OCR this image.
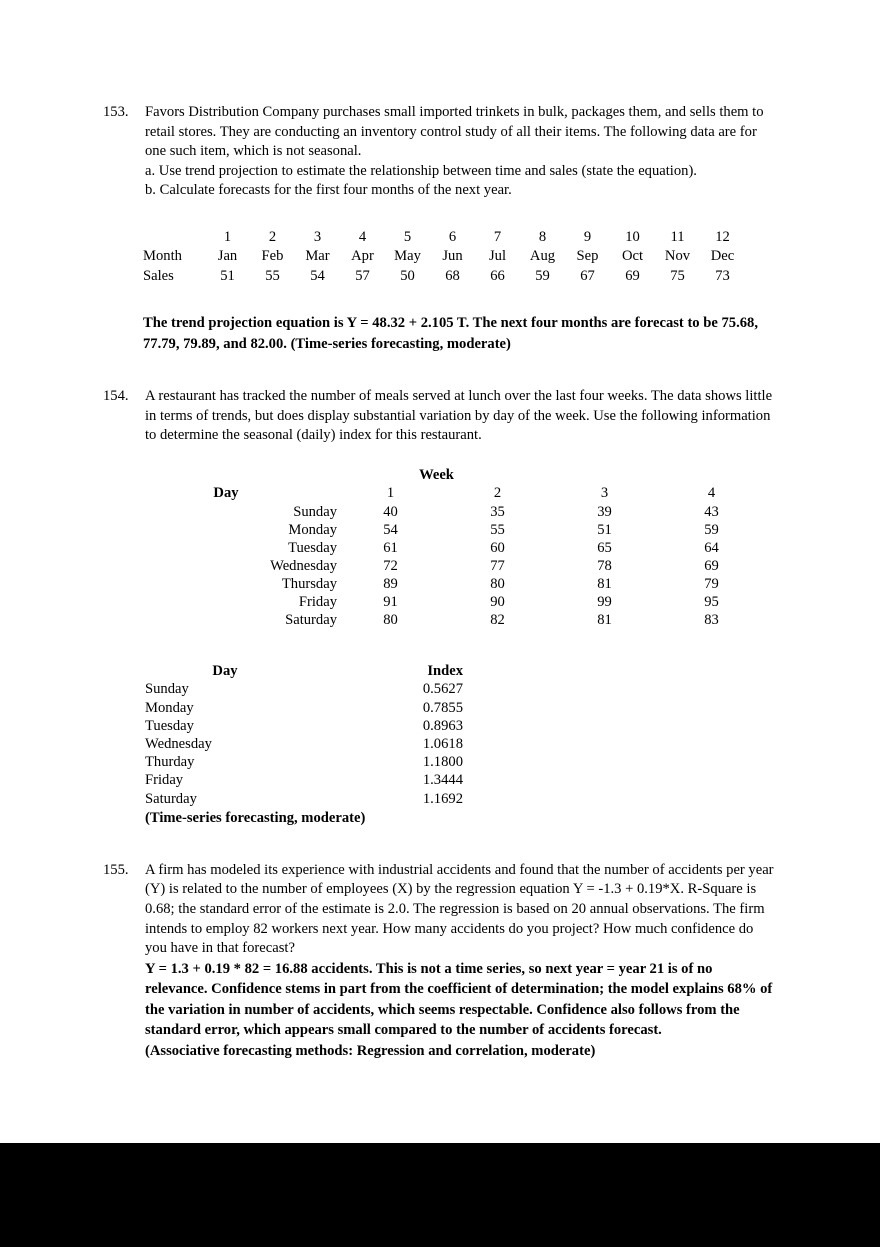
153.	Favors Distribution Company purchases small imported trinkets in bulk, packages them, and sells them to retail stores. They are conducting an inventory control study of all their items. The following data are for one such item, which is not seasonal.

a. Use trend projection to estimate the relationship between time and sales (state the equation).

b. Calculate forecasts for the first four months of the next year.

	1	2	3	4	5	6	7	8	9	10	11	12
Month	Jan	Feb	Mar	Apr	May	Jun	Jul	Aug	Sep	Oct	Nov	Dec
Sales	51	55	54	57	50	68	66	59	67	69	75	73

The trend projection equation is Y = 48.32 + 2.105 T. The next four months are forecast to be 75.68, 77.79, 79.89, and 82.00. (Time-series forecasting, moderate)

154.	A restaurant has tracked the number of meals served at lunch over the last four weeks. The data shows little in terms of trends, but does display substantial variation by day of the week. Use the following information to determine the seasonal (daily) index for this restaurant.

Week
Day	1	2	3	4
Sunday	40	35	39	43
Monday	54	55	51	59
Tuesday	61	60	65	64
Wednesday	72	77	78	69
Thursday	89	80	81	79
Friday	91	90	99	95
Saturday	80	82	81	83
Day	Index
Sunday	0.5627
Monday	0.7855
Tuesday	0.8963
Wednesday	1.0618
Thurday	1.1800
Friday	1.3444
Saturday	1.1692
(Time-series forecasting, moderate)
155.	A firm has modeled its experience with industrial accidents and found that the number of accidents per year (Y) is related to the number of employees (X) by the regression equation Y = -1.3 + 0.19*X. R-Square is 0.68; the standard error of the estimate is 2.0. The regression is based on 20 annual observations. The firm intends to employ 82 workers next year. How many accidents do you project? How much confidence do you have in that forecast?

Y = 1.3 + 0.19 * 82 = 16.88 accidents. This is not a time series, so next year = year 21 is of no relevance. Confidence stems in part from the coefficient of determination; the model explains 68% of the variation in number of accidents, which seems respectable. Confidence also follows from the standard error, which appears small compared to the number of accidents forecast.

(Associative forecasting methods: Regression and correlation, moderate)
